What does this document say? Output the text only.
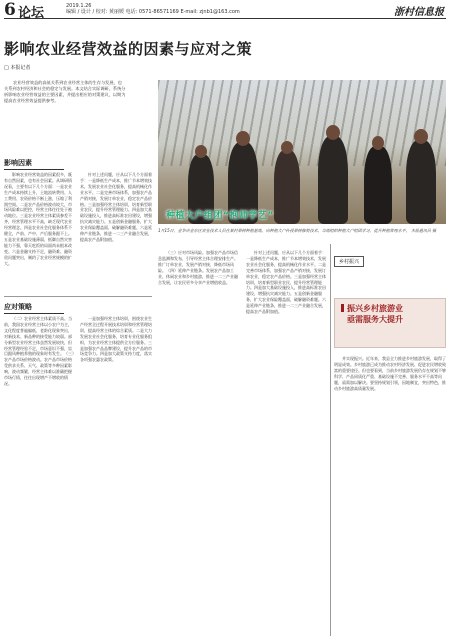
6 论坛	2019.1.26
编辑 / 设计 / 校对: 黄丽媛 电话: 0571-86571169 E-mail: zjnb1@163.com	浙村信息报
影响农业经营效益的因素与应对之策
□ 本报记者
农业经营效益的高低关系到农业经营主体的生存与发展，也关系到农村经济和社会的稳定与发展。本文结合实际调研，系统分析影响农业经营效益的主要因素，并提出相应的对策建议，以期为提高农业经营效益提供参考。
种植大户组团“抱师学艺”
1月15日，金华市金东区农业技术人员在某村果树种植基地，向种植大户传授果树修剪技术。当地组织种植大户组团学习，提升种植管理水平。 本报通讯员 摄
影响因素

影响农业经营效益的因素很多，既有自然因素，也有社会因素。从调研情况看，主要有以下几个方面：一是农业生产成本持续上升，土地流转费用、人工费用、农资价格不断上涨，压缩了利润空间。二是农产品价格波动较大，市场风险难以把控，经营主体往往处于被动地位。三是农业经营主体素质参差不齐，经营管理水平不高，缺乏现代农业经营理念。四是农业社会化服务体系不健全，产前、产中、产后服务跟不上。五是农业基础设施薄弱，抵御自然灾害能力不强，靠天吃饭的局面尚未根本改变。六是金融支持不足，融资难、融资贵问题突出，制约了农业经营规模的扩大。

针对上述问题，应从以下几个方面着手：一是降低生产成本，推广节本增效技术，发展农业社会化服务，提高机械化作业水平。二是完善市场体系，加强农产品产销对接，发展订单农业，稳定农产品价格。三是加强经营主体培训，培育新型职业农民，提升经营管理能力。四是加大基础设施投入，推进高标准农田建设，增强抗灾减灾能力。五是创新金融服务，扩大农业保险覆盖面，破解融资难题。六是延伸产业链条，推进一二三产业融合发展，提高农产品附加值。

应对策略

（二）农业经营主体素质不高。当前，我国农业经营主体以小农户为主，文化程度普遍偏低，老龄化现象突出，对新技术、新品种的接受能力较弱。部分新型农业经营主体虽然发展较快，但经营管理经验不足，市场意识不强，盲目跟风种植养殖的现象时有发生。（三）农产品市场价格波动。农产品市场价格受供求关系、天气、政策等多种因素影响，波动频繁，经营主体难以准确把握市场行情，往往出现增产不增收的情况。

一是加强经营主体培训，围绕农业生产经营全过程开展技术培训和经营管理培训，提高经营主体的综合素质。二是大力发展农业社会化服务，培育专业化服务组织，为农业经营主体提供全方位服务。三是加强农产品品牌建设，提升农产品的市场竞争力。四是加大政策支持力度，落实各项强农惠农政策。

（三）应对市场风险。加强农产品市场信息监测和发布，引导经营主体合理安排生产。推广订单农业，发展产销对接，降低市场风险。（四）延伸产业链条。发展农产品加工业、休闲农业和乡村旅游，推进一二三产业融合发展，让农民更多分享产业增值收益。

针对上述问题，应从以下几个方面着手：一是降低生产成本，推广节本增效技术，发展农业社会化服务，提高机械化作业水平。二是完善市场体系，加强农产品产销对接，发展订单农业，稳定农产品价格。三是加强经营主体培训，培育新型职业农民，提升经营管理能力。四是加大基础设施投入，推进高标准农田建设，增强抗灾减灾能力。五是创新金融服务，扩大农业保险覆盖面，破解融资难题。六是延伸产业链条，推进一二三产业融合发展，提高农产品附加值。

乡村振兴
振兴乡村旅游业
亟需服务大提升

并实现振兴。近年来，我县全力推进乡村旅游发展，取得了明显成效。乡村旅游已成为推动农村经济发展、促进农民增收致富的重要途径。但也要看到，当前乡村旅游发展仍存在规划不够科学、产品同质化严重、基础设施不完善、服务水平不高等问题，亟需加以解决。要坚持规划引领，因地制宜，突出特色，推动乡村旅游高质量发展。
